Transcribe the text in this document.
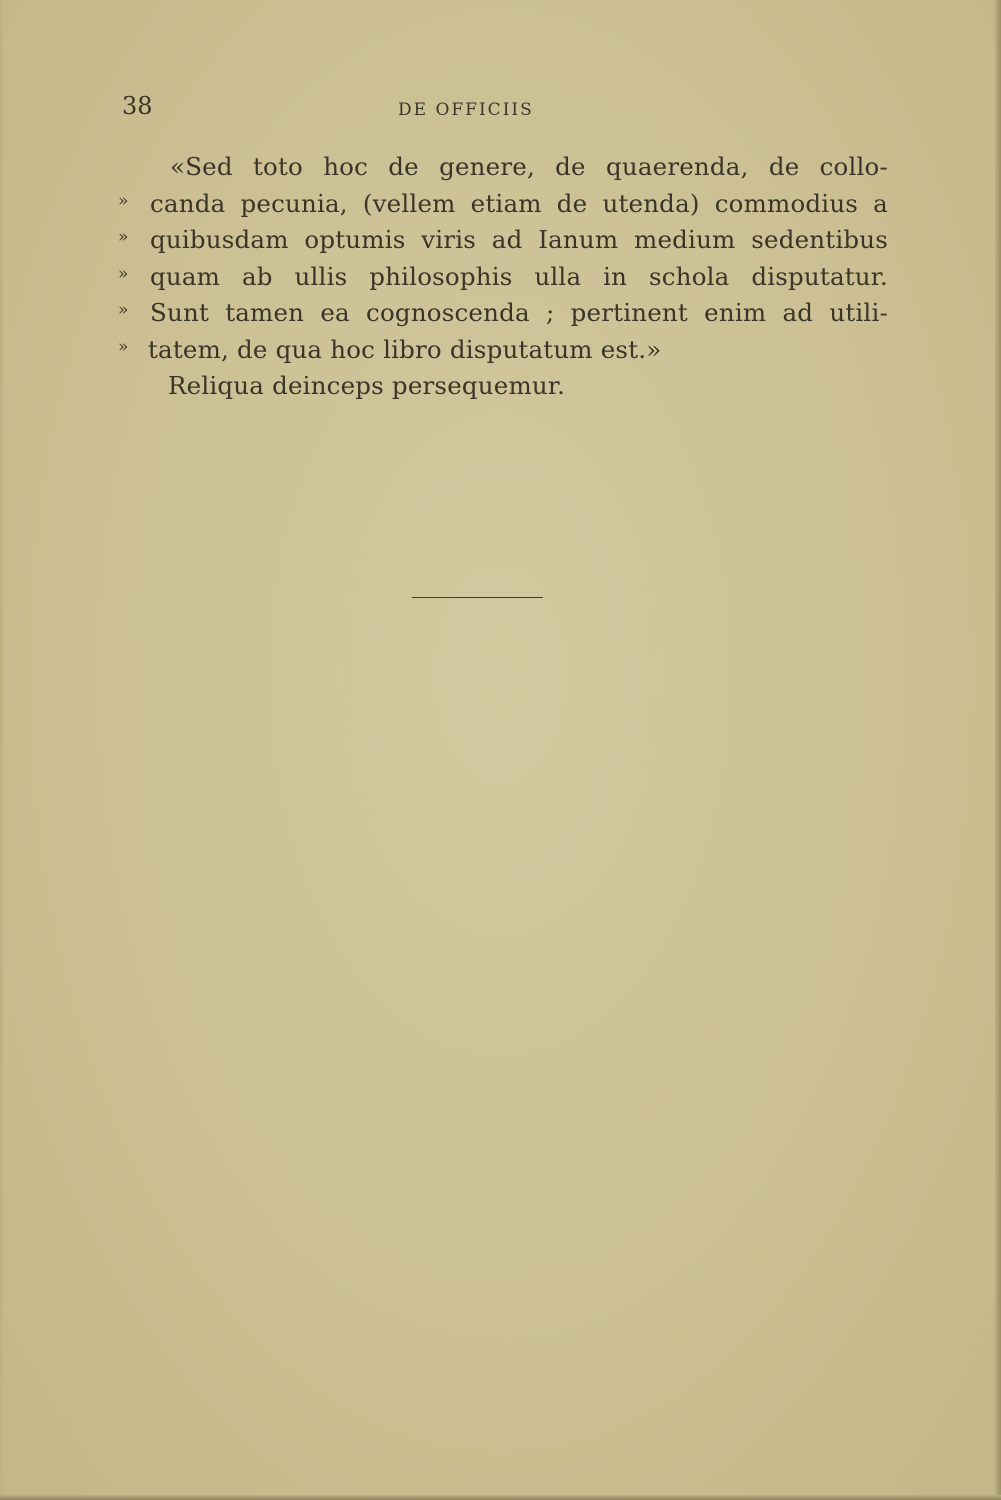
38	DE OFFICIIS
«Sed toto hoc de genere, de quaerenda, de collo-
» canda pecunia, (vellem etiam de utenda) commodius a
» quibusdam optumis viris ad Ianum medium sedentibus
» quam ab ullis philosophis ulla in schola disputatur.
» Sunt tamen ea cognoscenda ; pertinent enim ad utili-
» tatem, de qua hoc libro disputatum est.»
Reliqua deinceps persequemur.
